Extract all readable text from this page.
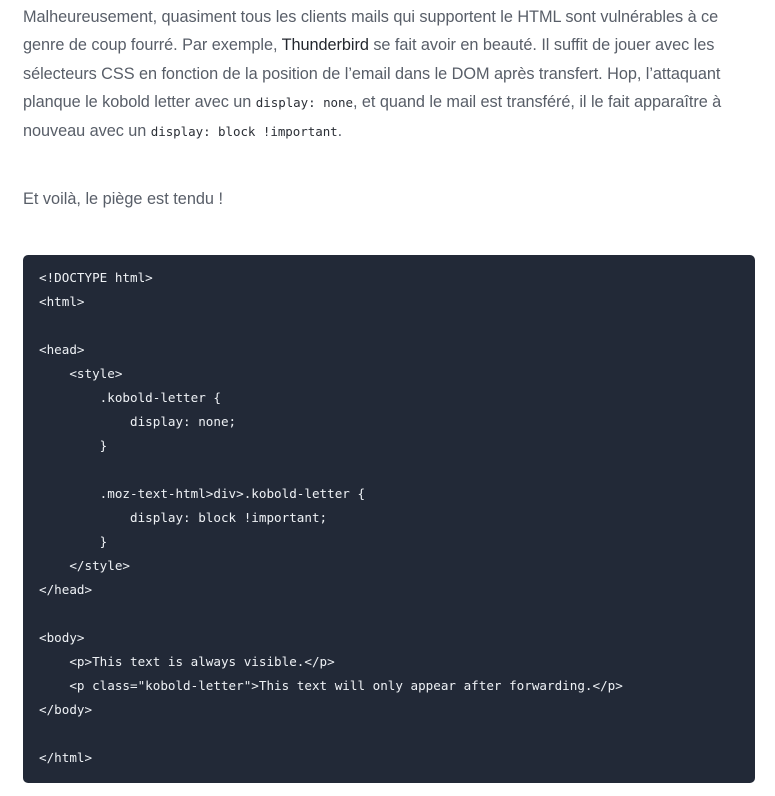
Malheureusement, quasiment tous les clients mails qui supportent le HTML sont vulnérables à ce genre de coup fourré. Par exemple, Thunderbird se fait avoir en beauté. Il suffit de jouer avec les sélecteurs CSS en fonction de la position de l’email dans le DOM après transfert. Hop, l’attaquant planque le kobold letter avec un display: none, et quand le mail est transféré, il le fait apparaître à nouveau avec un display: block !important.

Et voilà, le piège est tendu !

<!DOCTYPE html>
<html>
<head>
<style>
.kobold-letter {
display: none;
}
.moz-text-html>div>.kobold-letter {
display: block !important;
}
</style>
</head>
<body>
<p>This text is always visible.</p>
<p class="kobold-letter">This text will only appear after forwarding.</p>
</body>
</html>
